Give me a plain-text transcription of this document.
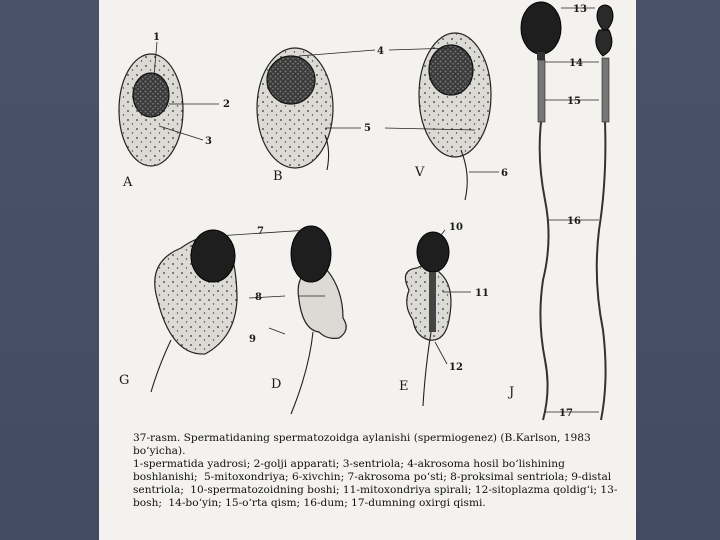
A	B	V
G	D	E	J
1
2
3
4
5
6
7
8
9
10
11
12
13
14
15
16
17

37-rasm. Spermatidaning spermatozoidga aylanishi (spermiogenez) (B.Karlson, 1983 bo‘yicha).

1-spermatida yadrosi; 2-golji apparati; 3-sentriola; 4-akrosoma hosil bo‘lishining boshlanishi; 5-mitoxondriya; 6-xivchin; 7-akrosoma po‘sti; 8-proksimal sentriola; 9-distal sentriola; 10-spermatozoidning boshi; 11-mitoxondriya spirali; 12-sitoplazma qoldig‘i; 13-bosh; 14-bo‘yin; 15-o‘rta qism; 16-dum; 17-dumning oxirgi qismi.
